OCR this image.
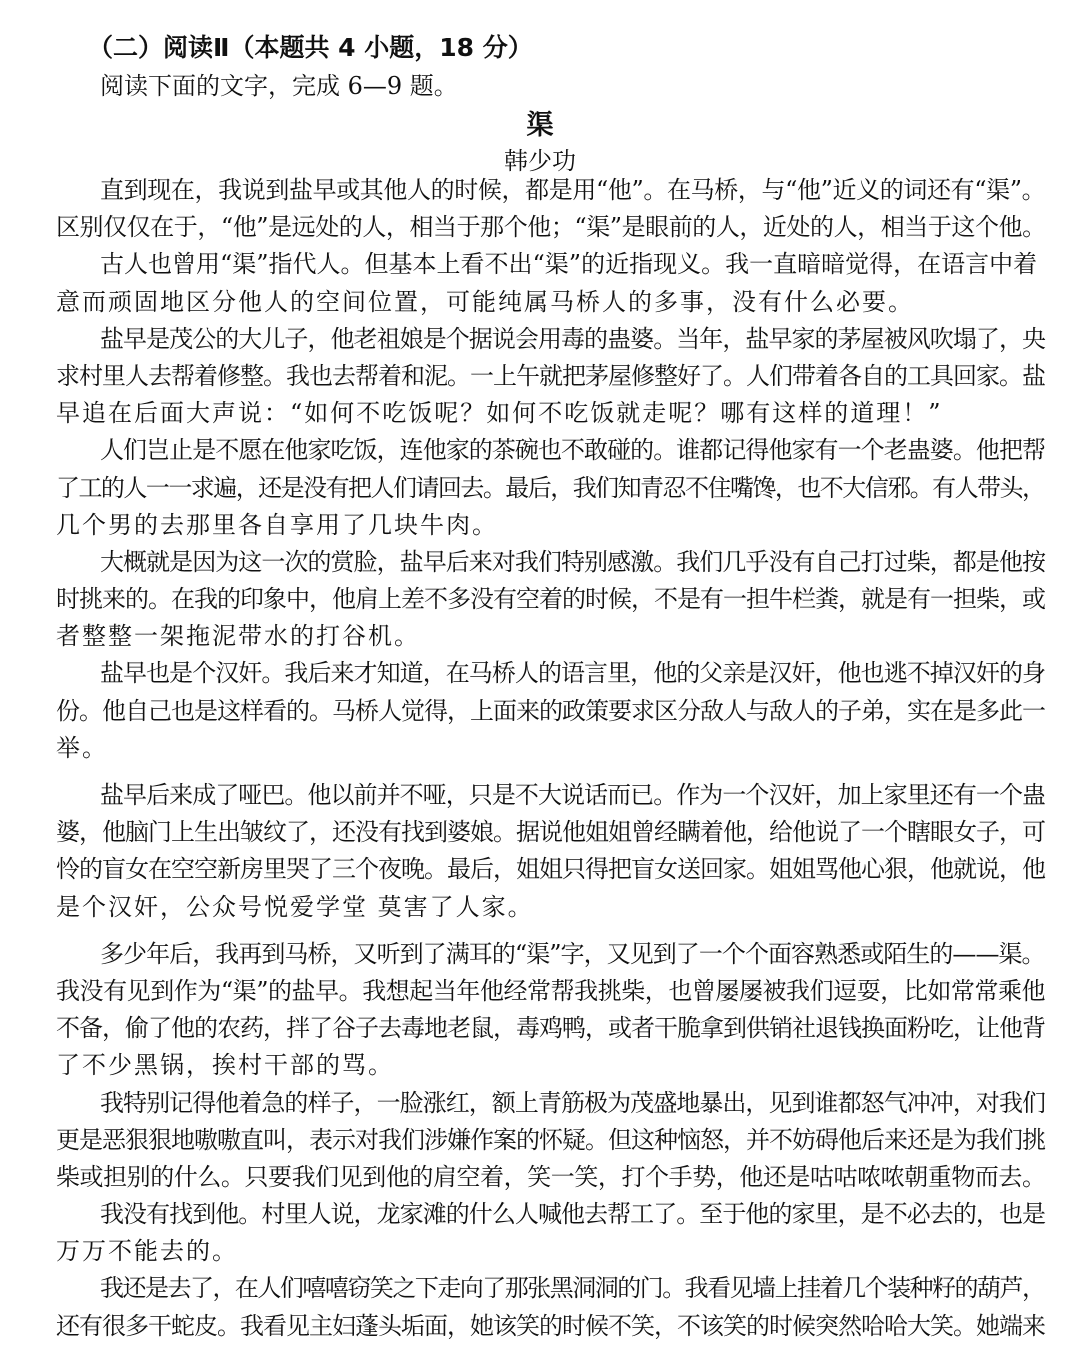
（二）阅读Ⅱ（本题共 4 小题，18 分）
阅读下面的文字，完成 6—9 题。
渠
韩少功
直到现在，我说到盐早或其他人的时候，都是用“他”。在马桥，与“他”近义的词还有“渠”。
区别仅仅在于，“他”是远处的人，相当于那个他；“渠”是眼前的人，近处的人，相当于这个他。
古人也曾用“渠”指代人。但基本上看不出“渠”的近指现义。我一直暗暗觉得，在语言中着
意而顽固地区分他人的空间位置，可能纯属马桥人的多事，没有什么必要。
盐早是茂公的大儿子，他老祖娘是个据说会用毒的蛊婆。当年，盐早家的茅屋被风吹塌了，央
求村里人去帮着修整。我也去帮着和泥。一上午就把茅屋修整好了。人们带着各自的工具回家。盐
早追在后面大声说：“如何不吃饭呢？如何不吃饭就走呢？哪有这样的道理！”
人们岂止是不愿在他家吃饭，连他家的茶碗也不敢碰的。谁都记得他家有一个老蛊婆。他把帮
了工的人一一求遍，还是没有把人们请回去。最后，我们知青忍不住嘴馋，也不大信邪。有人带头，
几个男的去那里各自享用了几块牛肉。
大概就是因为这一次的赏脸，盐早后来对我们特别感激。我们几乎没有自己打过柴，都是他按
时挑来的。在我的印象中，他肩上差不多没有空着的时候，不是有一担牛栏粪，就是有一担柴，或
者整整一架拖泥带水的打谷机。
盐早也是个汉奸。我后来才知道，在马桥人的语言里，他的父亲是汉奸，他也逃不掉汉奸的身
份。他自己也是这样看的。马桥人觉得，上面来的政策要求区分敌人与敌人的子弟，实在是多此一
举。
盐早后来成了哑巴。他以前并不哑，只是不大说话而已。作为一个汉奸，加上家里还有一个蛊
婆，他脑门上生出皱纹了，还没有找到婆娘。据说他姐姐曾经瞒着他，给他说了一个瞎眼女子，可
怜的盲女在空空新房里哭了三个夜晚。最后，姐姐只得把盲女送回家。姐姐骂他心狠，他就说，他
是个汉奸，公众号悦爱学堂 莫害了人家。
多少年后，我再到马桥，又听到了满耳的“渠”字，又见到了一个个面容熟悉或陌生的——渠。
我没有见到作为“渠”的盐早。我想起当年他经常帮我挑柴，也曾屡屡被我们逗耍，比如常常乘他
不备，偷了他的农药，拌了谷子去毒地老鼠，毒鸡鸭，或者干脆拿到供销社退钱换面粉吃，让他背
了不少黑锅，挨村干部的骂。
我特别记得他着急的样子，一脸涨红，额上青筋极为茂盛地暴出，见到谁都怒气冲冲，对我们
更是恶狠狠地嗷嗷直叫，表示对我们涉嫌作案的怀疑。但这种恼怒，并不妨碍他后来还是为我们挑
柴或担别的什么。只要我们见到他的肩空着，笑一笑，打个手势，他还是咕咕哝哝朝重物而去。
我没有找到他。村里人说，龙家滩的什么人喊他去帮工了。至于他的家里，是不必去的，也是
万万不能去的。
我还是去了，在人们嘻嘻窃笑之下走向了那张黑洞洞的门。我看见墙上挂着几个装种籽的葫芦，
还有很多干蛇皮。我看见主妇蓬头垢面，她该笑的时候不笑，不该笑的时候突然哈哈大笑。她端来
